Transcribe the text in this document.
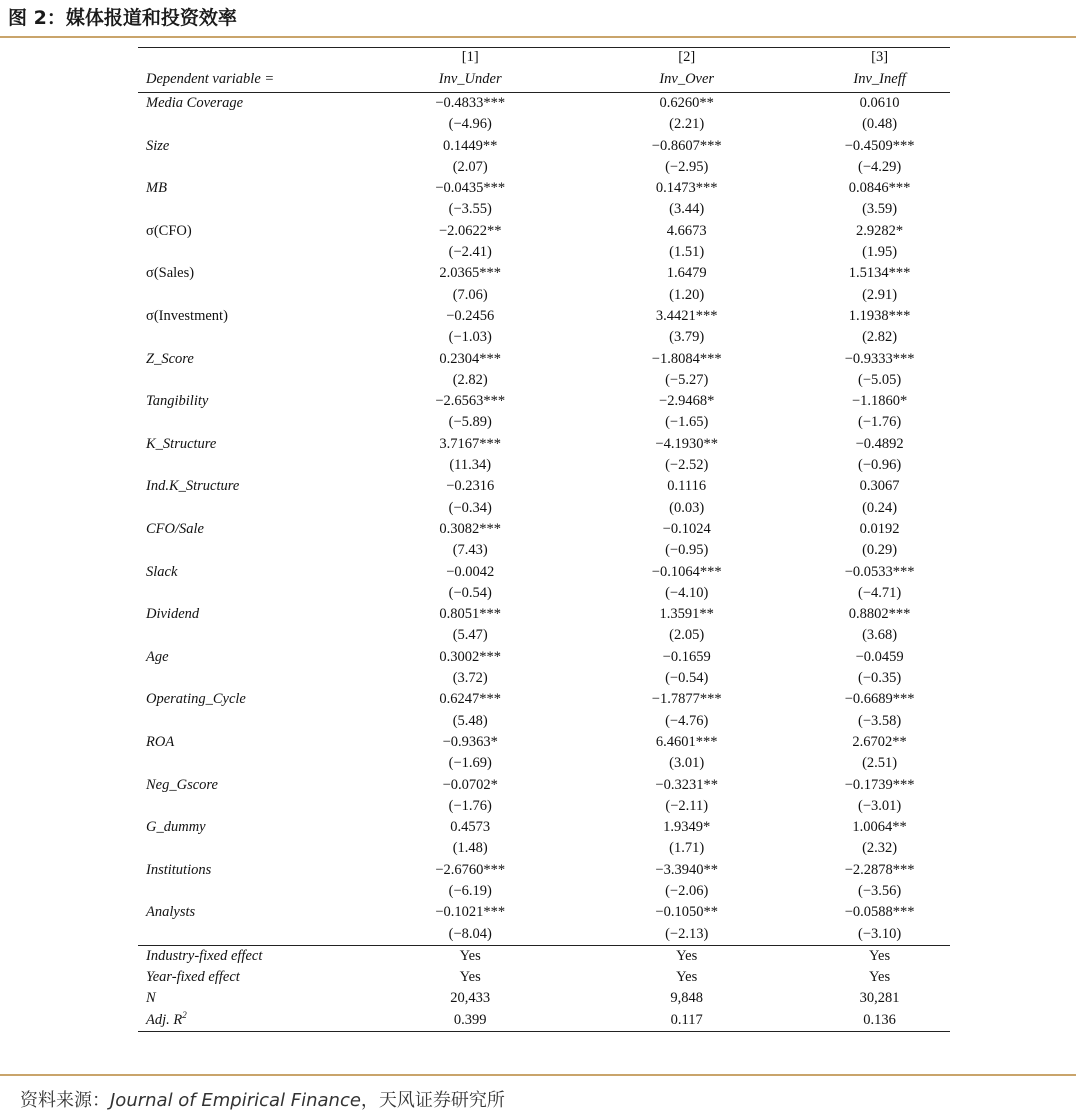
图 2：媒体报道和投资效率
	[1]	[2]	[3]
Dependent variable =	Inv_Under	Inv_Over	Inv_Ineff
Media Coverage	−0.4833***	0.6260**	0.0610
	(−4.96)	(2.21)	(0.48)
Size	0.1449**	−0.8607***	−0.4509***
	(2.07)	(−2.95)	(−4.29)
MB	−0.0435***	0.1473***	0.0846***
	(−3.55)	(3.44)	(3.59)
σ(CFO)	−2.0622**	4.6673	2.9282*
	(−2.41)	(1.51)	(1.95)
σ(Sales)	2.0365***	1.6479	1.5134***
	(7.06)	(1.20)	(2.91)
σ(Investment)	−0.2456	3.4421***	1.1938***
	(−1.03)	(3.79)	(2.82)
Z_Score	0.2304***	−1.8084***	−0.9333***
	(2.82)	(−5.27)	(−5.05)
Tangibility	−2.6563***	−2.9468*	−1.1860*
	(−5.89)	(−1.65)	(−1.76)
K_Structure	3.7167***	−4.1930**	−0.4892
	(11.34)	(−2.52)	(−0.96)
Ind.K_Structure	−0.2316	0.1116	0.3067
	(−0.34)	(0.03)	(0.24)
CFO/Sale	0.3082***	−0.1024	0.0192
	(7.43)	(−0.95)	(0.29)
Slack	−0.0042	−0.1064***	−0.0533***
	(−0.54)	(−4.10)	(−4.71)
Dividend	0.8051***	1.3591**	0.8802***
	(5.47)	(2.05)	(3.68)
Age	0.3002***	−0.1659	−0.0459
	(3.72)	(−0.54)	(−0.35)
Operating_Cycle	0.6247***	−1.7877***	−0.6689***
	(5.48)	(−4.76)	(−3.58)
ROA	−0.9363*	6.4601***	2.6702**
	(−1.69)	(3.01)	(2.51)
Neg_Gscore	−0.0702*	−0.3231**	−0.1739***
	(−1.76)	(−2.11)	(−3.01)
G_dummy	0.4573	1.9349*	1.0064**
	(1.48)	(1.71)	(2.32)
Institutions	−2.6760***	−3.3940**	−2.2878***
	(−6.19)	(−2.06)	(−3.56)
Analysts	−0.1021***	−0.1050**	−0.0588***
	(−8.04)	(−2.13)	(−3.10)
Industry-fixed effect	Yes	Yes	Yes
Year-fixed effect	Yes	Yes	Yes
N	20,433	9,848	30,281
Adj. $R^2$	0.399	0.117	0.136
资料来源：Journal of Empirical Finance，天风证券研究所
